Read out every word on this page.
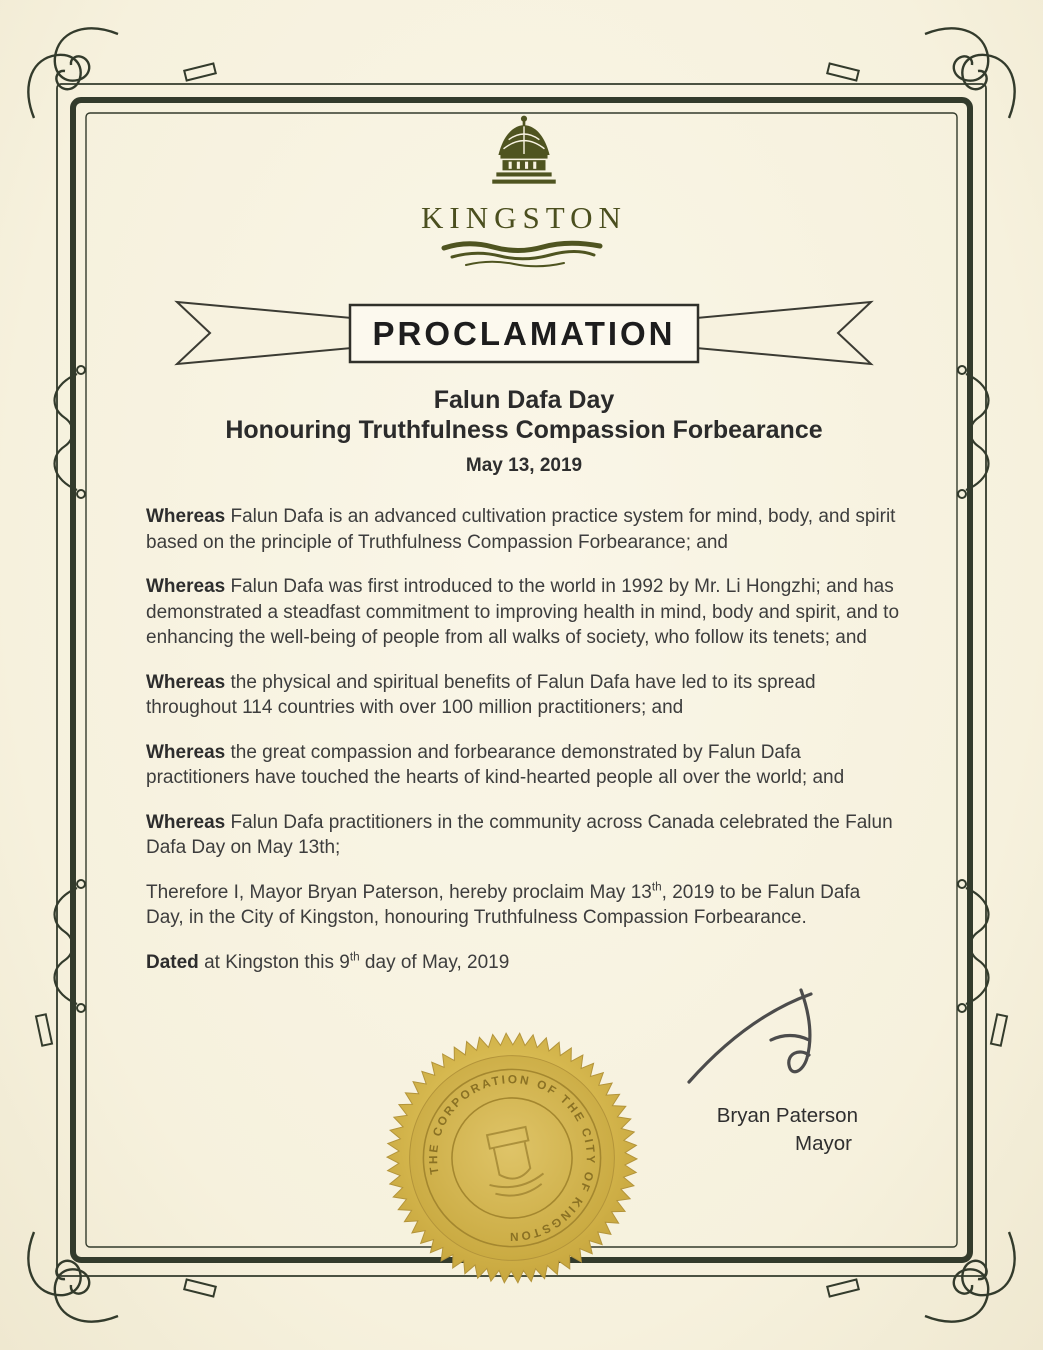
KINGSTON
PROCLAMATION
Falun Dafa Day
Honouring Truthfulness Compassion Forbearance
May 13, 2019

Whereas Falun Dafa is an advanced cultivation practice system for mind, body, and spirit based on the principle of Truthfulness Compassion Forbearance; and

Whereas Falun Dafa was first introduced to the world in 1992 by Mr. Li Hongzhi; and has demonstrated a steadfast commitment to improving health in mind, body and spirit, and to enhancing the well-being of people from all walks of society, who follow its tenets; and

Whereas the physical and spiritual benefits of Falun Dafa have led to its spread throughout 114 countries with over 100 million practitioners; and

Whereas the great compassion and forbearance demonstrated by Falun Dafa practitioners have touched the hearts of kind-hearted people all over the world; and

Whereas Falun Dafa practitioners in the community across Canada celebrated the Falun Dafa Day on May 13th;

Therefore I, Mayor Bryan Paterson, hereby proclaim May 13th, 2019 to be Falun Dafa Day, in the City of Kingston, honouring Truthfulness Compassion Forbearance.

Dated at Kingston this 9th day of May, 2019

THE CORPORATION OF THE CITY OF KINGSTON
Bryan Paterson
Mayor
